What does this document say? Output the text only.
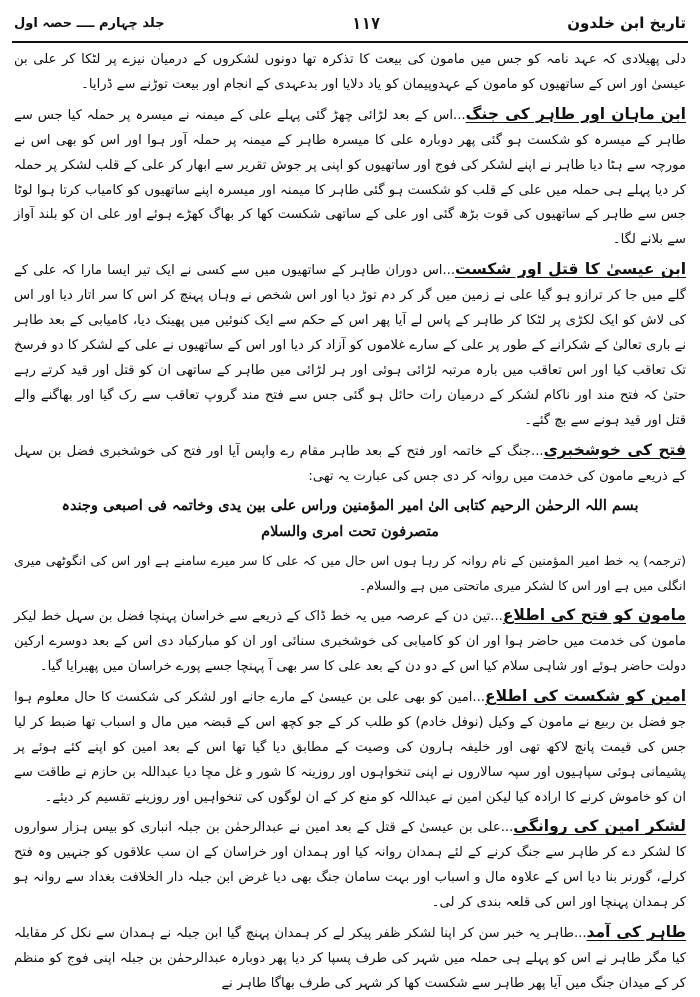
تاریخ ابن خلدون
۱۱۷
جلد چہارم ــــ حصہ اول

دلی پھیلادی کہ عہد نامہ کو جس میں مامون کی بیعت کا تذکرہ تھا دونوں لشکروں کے درمیان نیزے پر لٹکا کر علی بن عیسیٰ اور اس کے ساتھیوں کو مامون کے عہدوپیمان کو یاد دلایا اور بدعہدی کے انجام اور بیعت توڑنے سے ڈرایا۔

ابن ماہان اور طاہر کی جنگ...اس کے بعد لڑائی چھڑ گئی پہلے علی کے میمنہ نے میسرہ پر حملہ کیا جس سے طاہر کے میسرہ کو شکست ہو گئی پھر دوبارہ علی کا میسرہ طاہر کے میمنہ پر حملہ آور ہوا اور اس کو بھی اس نے مورچہ سے ہٹا دیا طاہر نے اپنے لشکر کی فوج اور ساتھیوں کو اپنی پر جوش تقریر سے ابھار کر علی کے قلب لشکر پر حملہ کر دیا پہلے ہی حملہ میں علی کے قلب کو شکست ہو گئی طاہر کا میمنہ اور میسرہ اپنے ساتھیوں کو کامیاب کرتا ہوا لوٹا جس سے طاہر کے ساتھیوں کی قوت بڑھ گئی اور علی کے ساتھی شکست کھا کر بھاگ کھڑے ہوئے اور علی ان کو بلند آواز سے بلانے لگا۔

ابن عیسیٰ کا قتل اور شکست...اس دوران طاہر کے ساتھیوں میں سے کسی نے ایک تیر ایسا مارا کہ علی کے گلے میں جا کر ترازو ہو گیا علی نے زمین میں گر کر دم توڑ دیا اور اس شخص نے وہاں پہنچ کر اس کا سر اتار دیا اور اس کی لاش کو ایک لکڑی پر لٹکا کر طاہر کے پاس لے آیا پھر اس کے حکم سے ایک کنوئیں میں پھینک دیا، کامیابی کے بعد طاہر نے باری تعالیٰ کے شکرانے کے طور پر علی کے سارے غلاموں کو آزاد کر دیا اور اس کے ساتھیوں نے علی کے لشکر کا دو فرسخ تک تعاقب کیا اور اس تعاقب میں بارہ مرتبہ لڑائی ہوئی اور ہر لڑائی میں طاہر کے ساتھی ان کو قتل اور قید کرتے رہے حتیٰ کہ فتح مند اور ناکام لشکر کے درمیان رات حائل ہو گئی جس سے فتح مند گروپ تعاقب سے رک گیا اور بھاگنے والے قتل اور قید ہونے سے بچ گئے۔

فتح کی خوشخبری...جنگ کے خاتمہ اور فتح کے بعد طاہر مقام رے واپس آیا اور فتح کی خوشخبری فضل بن سہل کے ذریعے مامون کی خدمت میں روانہ کر دی جس کی عبارت یہ تھی:

بسم اللہ الرحمٰن الرحیم کتابی الیٰ امیر المؤمنین وراس علی بین یدی وخاتمہ فی اصبعی وجندہ
متصرفون تحت امری والسلام

(ترجمہ) یہ خط امیر المؤمنین کے نام روانہ کر رہا ہوں اس حال میں کہ علی کا سر میرے سامنے ہے اور اس کی انگوٹھی میری انگلی میں ہے اور اس کا لشکر میری ماتحتی میں ہے والسلام۔

مامون کو فتح کی اطلاع...تین دن کے عرصہ میں یہ خط ڈاک کے ذریعے سے خراسان پہنچا فضل بن سہل خط لیکر مامون کی خدمت میں حاضر ہوا اور ان کو کامیابی کی خوشخبری سنائی اور ان کو مبارکباد دی اس کے بعد دوسرے ارکین دولت حاضر ہوئے اور شاہی سلام کیا اس کے دو دن کے بعد علی کا سر بھی آ پہنچا جسے پورے خراسان میں پھیرایا گیا۔

امین کو شکست کی اطلاع...امین کو بھی علی بن عیسیٰ کے مارے جانے اور لشکر کی شکست کا حال معلوم ہوا جو فضل بن ربیع نے مامون کے وکیل (نوفل خادم) کو طلب کر کے جو کچھ اس کے قبضہ میں مال و اسباب تھا ضبط کر لیا جس کی قیمت پانچ لاکھ تھی اور خلیفہ ہارون کی وصیت کے مطابق دیا گیا تھا اس کے بعد امین کو اپنے کئے ہوئے پر پشیمانی ہوئی سپاہیوں اور سپہ سالاروں نے اپنی تنخواہوں اور روزینہ کا شور و غل مچا دیا عبداللہ بن حازم نے طاقت سے ان کو خاموش کرنے کا ارادہ کیا لیکن امین نے عبداللہ کو منع کر کے ان لوگوں کی تنخواہیں اور روزینے تقسیم کر دیئے۔

لشکر امین کی روانگی...علی بن عیسیٰ کے قتل کے بعد امین نے عبدالرحمٰن بن جبلہ انباری کو بیس ہزار سواروں کا لشکر دے کر طاہر سے جنگ کرنے کے لئے ہمدان روانہ کیا اور ہمدان اور خراسان کے ان سب علاقوں کو جنہیں وہ فتح کرلے، گورنر بنا دیا اس کے علاوہ مال و اسباب اور بہت سامان جنگ بھی دیا غرض ابن جبلہ دار الخلافت بغداد سے روانہ ہو کر ہمدان پہنچا اور اس کی قلعہ بندی کر لی۔

طاہر کی آمد...طاہر یہ خبر سن کر اپنا لشکر ظفر پیکر لے کر ہمدان پہنچ گیا ابن جبلہ نے ہمدان سے نکل کر مقابلہ کیا مگر طاہر نے اس کو پہلے ہی حملہ میں شہر کی طرف پسپا کر دیا پھر دوبارہ عبدالرحمٰن بن جبلہ اپنی فوج کو منظم کر کے میدان جنگ میں آیا پھر طاہر سے شکست کھا کر شہر کی طرف بھاگا طاہر نے
